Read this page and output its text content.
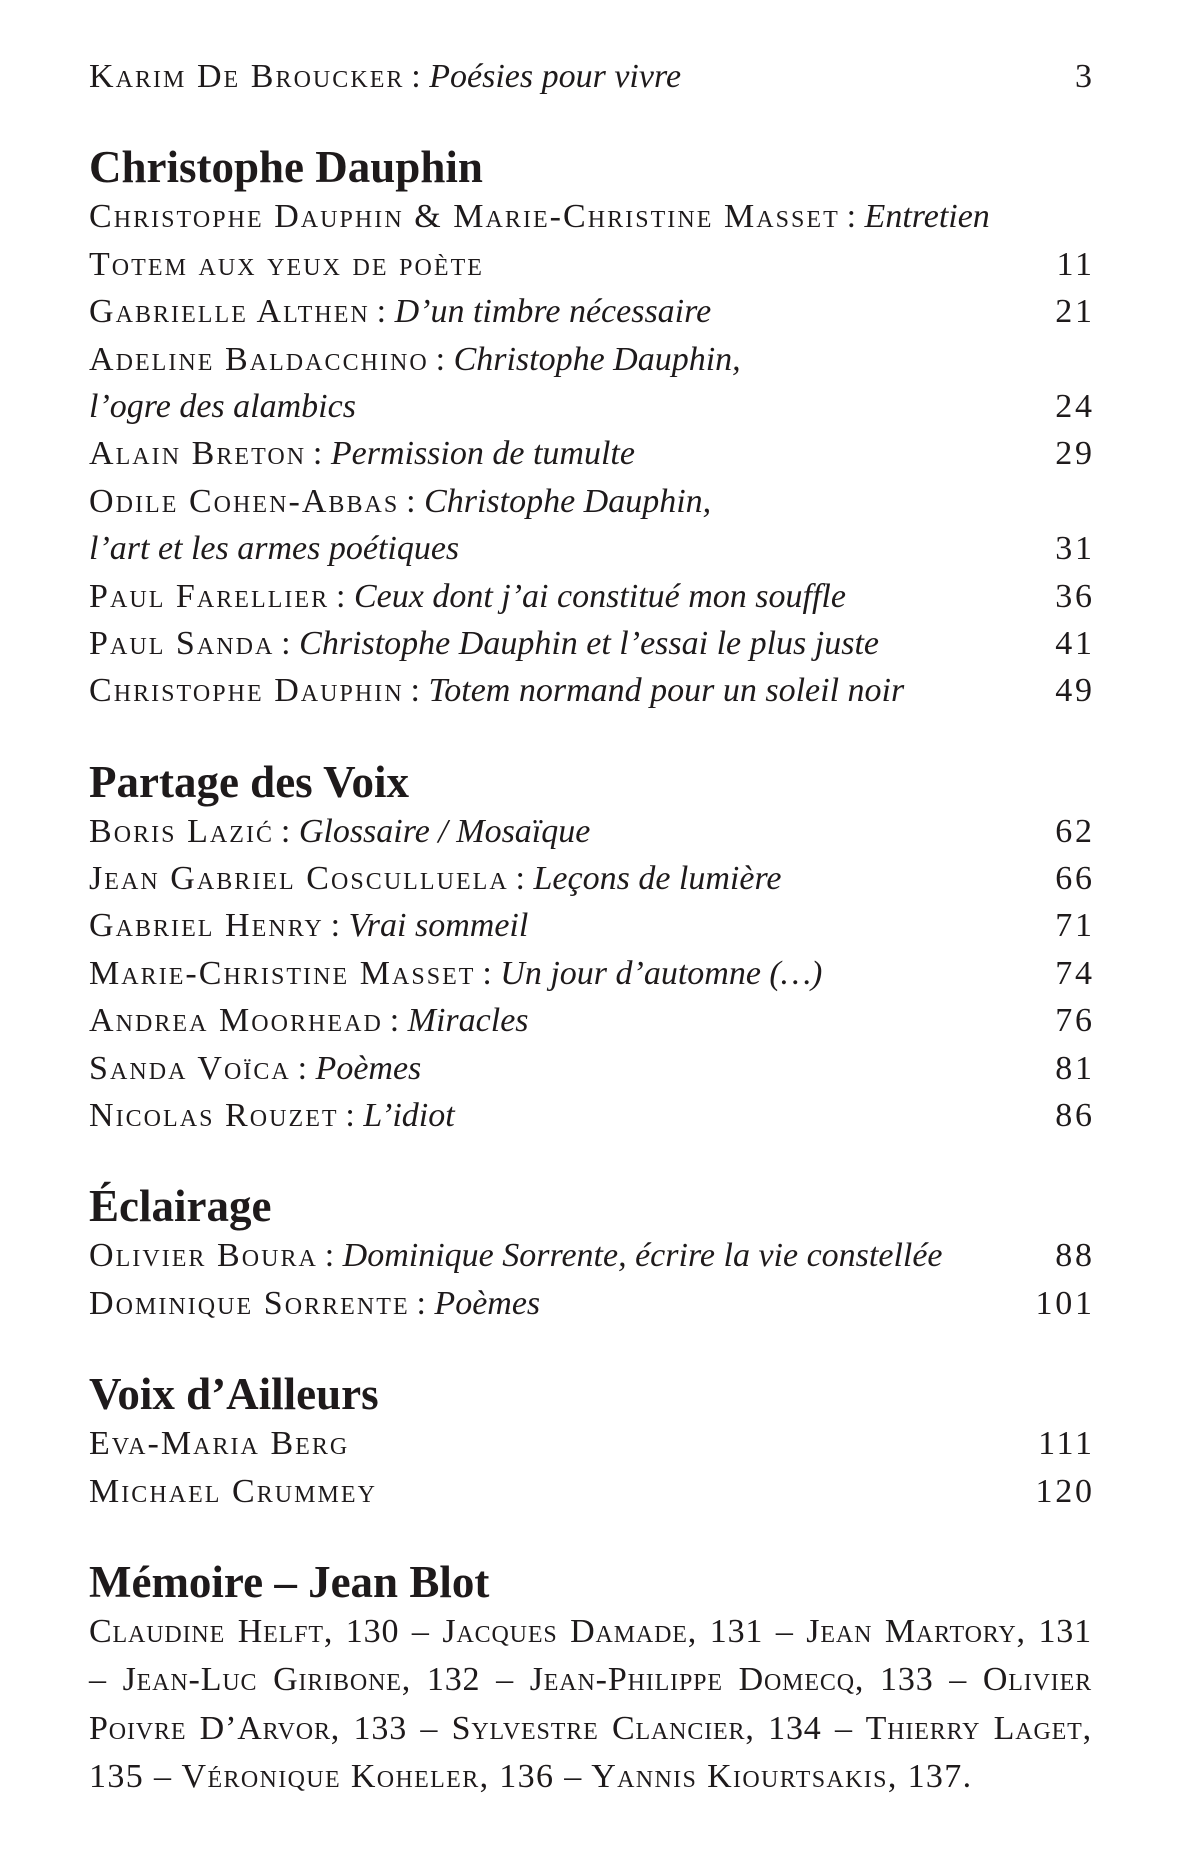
Karim De Broucker : Poésies pour vivre	3
Christophe Dauphin
Christophe Dauphin & Marie-Christine Masset : Entretien
Totem aux yeux de poète	11
Gabrielle Althen : D’un timbre nécessaire	21
Adeline Baldacchino : Christophe Dauphin,
l’ogre des alambics	24
Alain Breton : Permission de tumulte	29
Odile Cohen-Abbas : Christophe Dauphin,
l’art et les armes poétiques	31
Paul Farellier : Ceux dont j’ai constitué mon souffle	36
Paul Sanda : Christophe Dauphin et l’essai le plus juste	41
Christophe Dauphin : Totem normand pour un soleil noir	49
Partage des Voix
Boris Lazić : Glossaire / Mosaïque	62
Jean Gabriel Cosculluela : Leçons de lumière	66
Gabriel Henry : Vrai sommeil	71
Marie-Christine Masset : Un jour d’automne (…)	74
Andrea Moorhead : Miracles	76
Sanda Voïca : Poèmes	81
Nicolas Rouzet : L’idiot	86
Éclairage
Olivier Boura : Dominique Sorrente, écrire la vie constellée	88
Dominique Sorrente : Poèmes	101
Voix d’Ailleurs
Eva-Maria Berg	111
Michael Crummey	120
Mémoire – Jean Blot
Claudine Helft, 130 – Jacques Damade, 131 – Jean Martory, 131
– Jean-Luc Giribone, 132 – Jean-Philippe Domecq, 133 – Olivier
Poivre D’Arvor, 133 – Sylvestre Clancier, 134 – Thierry Laget,
135 – Véronique Koheler, 136 – Yannis Kiourtsakis, 137.
